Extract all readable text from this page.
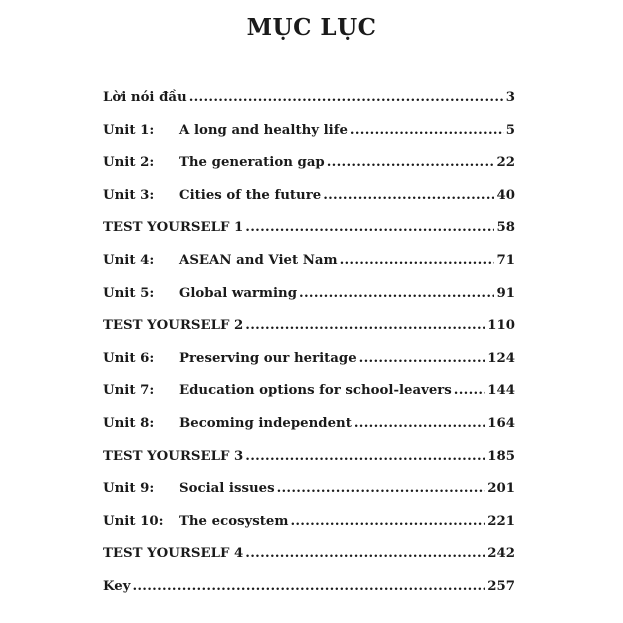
MỤC LỤC
Lời nói đầu .....	3
Unit 1:	A long and healthy life .....	5
Unit 2:	The generation gap .....	22
Unit 3:	Cities of the future .....	40
TEST YOURSELF 1 .....	58
Unit 4:	ASEAN and Viet Nam .....	71
Unit 5:	Global warming .....	91
TEST YOURSELF 2 .....	110
Unit 6:	Preserving our heritage .....	124
Unit 7:	Education options for school-leavers .....	144
Unit 8:	Becoming independent .....	164
TEST YOURSELF 3 .....	185
Unit 9:	Social issues .....	201
Unit 10:	The ecosystem .....	221
TEST YOURSELF 4 .....	242
Key .....	257
